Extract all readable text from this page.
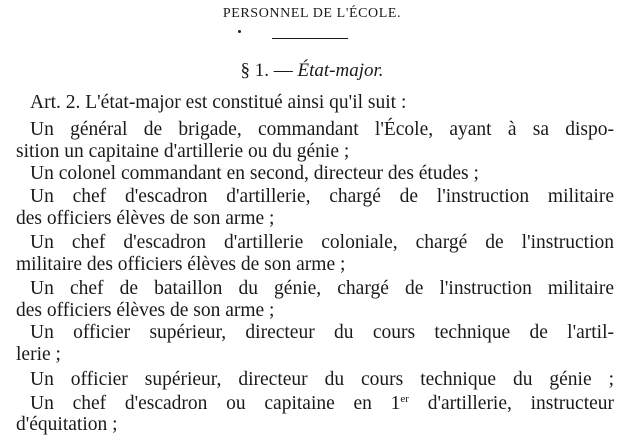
PERSONNEL DE L'ÉCOLE.
§ 1. — État-major.
Art. 2. L'état-major est constitué ainsi qu'il suit :
Un général de brigade, commandant l'École, ayant à sa dispo-
sition un capitaine d'artillerie ou du génie ;
Un colonel commandant en second, directeur des études ;
Un chef d'escadron d'artillerie, chargé de l'instruction militaire
des officiers élèves de son arme ;
Un chef d'escadron d'artillerie coloniale, chargé de l'instruction
militaire des officiers élèves de son arme ;
Un chef de bataillon du génie, chargé de l'instruction militaire
des officiers élèves de son arme ;
Un officier supérieur, directeur du cours technique de l'artil-
lerie ;
Un officier supérieur, directeur du cours technique du génie ;
Un chef d'escadron ou capitaine en 1er d'artillerie, instructeur
d'équitation ;
